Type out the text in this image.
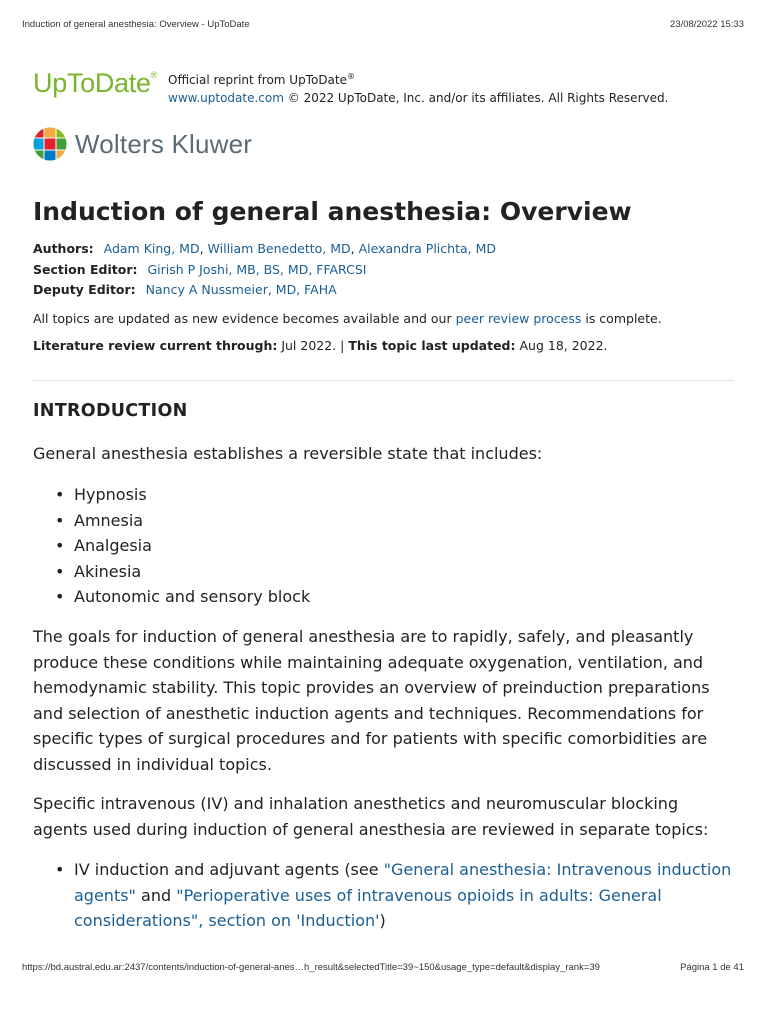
Induction of general anesthesia: Overview - UpToDate	23/08/2022 15:33
UpToDate® Official reprint from UpToDate®
www.uptodate.com © 2022 UpToDate, Inc. and/or its affiliates. All Rights Reserved.
Wolters Kluwer
Induction of general anesthesia: Overview
Authors: Adam King, MD, William Benedetto, MD, Alexandra Plichta, MD
Section Editor: Girish P Joshi, MB, BS, MD, FFARCSI
Deputy Editor: Nancy A Nussmeier, MD, FAHA
All topics are updated as new evidence becomes available and our peer review process is complete.
Literature review current through: Jul 2022. | This topic last updated: Aug 18, 2022.
INTRODUCTION

General anesthesia establishes a reversible state that includes:

• Hypnosis
• Amnesia
• Analgesia
• Akinesia
• Autonomic and sensory block

The goals for induction of general anesthesia are to rapidly, safely, and pleasantly produce these conditions while maintaining adequate oxygenation, ventilation, and hemodynamic stability. This topic provides an overview of preinduction preparations and selection of anesthetic induction agents and techniques. Recommendations for specific types of surgical procedures and for patients with specific comorbidities are discussed in individual topics.

Specific intravenous (IV) and inhalation anesthetics and neuromuscular blocking agents used during induction of general anesthesia are reviewed in separate topics:

• IV induction and adjuvant agents (see "General anesthesia: Intravenous induction agents" and "Perioperative uses of intravenous opioids in adults: General considerations", section on 'Induction')
https://bd.austral.edu.ar:2437/contents/induction-of-general-anes…h_result&selectedTitle=39~150&usage_type=default&display_rank=39	Página 1 de 41
